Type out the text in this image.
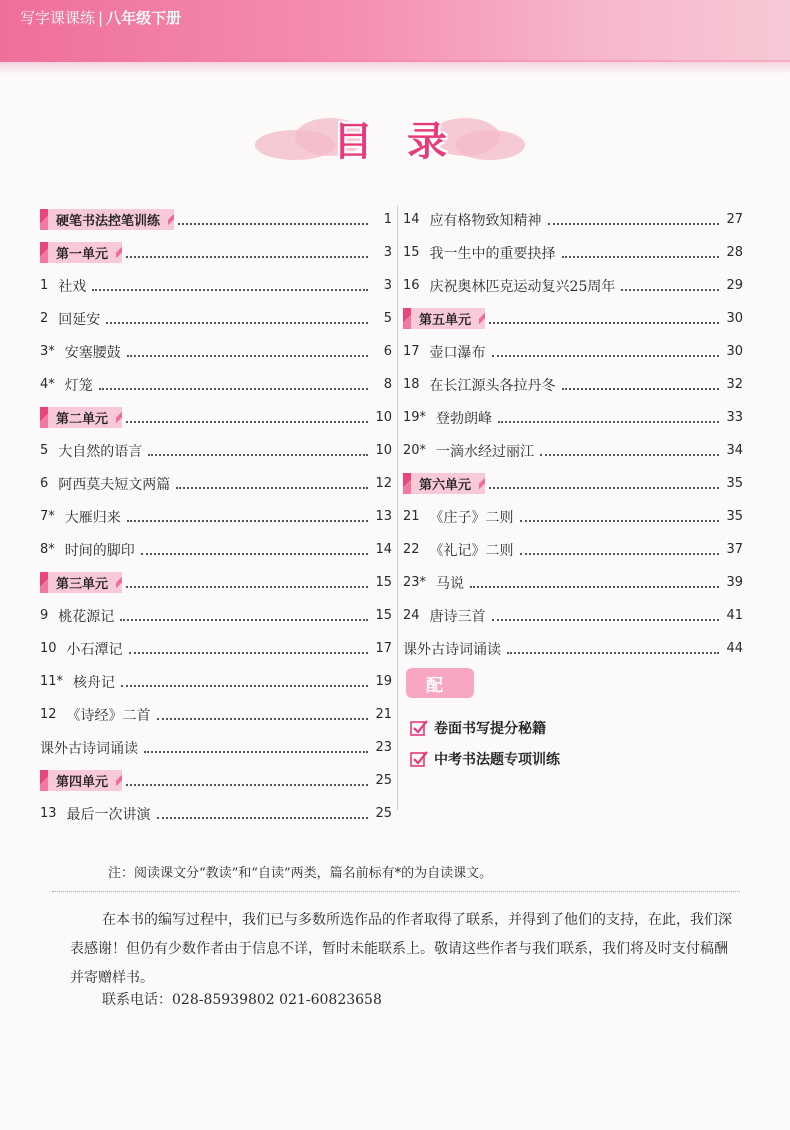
写字课课练 | 八年级下册
目录
硬笔书法控笔训练	1
第一单元	3
1 社戏	3
2 回延安	5
3* 安塞腰鼓	6
4* 灯笼	8
第二单元	10
5 大自然的语言	10
6 阿西莫夫短文两篇	12
7* 大雁归来	13
8* 时间的脚印	14
第三单元	15
9 桃花源记	15
10 小石潭记	17
11* 核舟记	19
12 《诗经》二首	21
课外古诗词诵读	23
第四单元	25
13 最后一次讲演	25
14 应有格物致知精神	27
15 我一生中的重要抉择	28
16 庆祝奥林匹克运动复兴25周年	29
第五单元	30
17 壶口瀑布	30
18 在长江源头各拉丹冬	32
19* 登勃朗峰	33
20* 一滴水经过丽江	34
第六单元	35
21 《庄子》二则	35
22 《礼记》二则	37
23* 马说	39
24 唐诗三首	41
课外古诗词诵读	44
配
卷面书写提分秘籍
中考书法题专项训练
注：阅读课文分“教读”和“自读”两类，篇名前标有*的为自读课文。
在本书的编写过程中，我们已与多数所选作品的作者取得了联系，并得到了他们的支持，在此，我们深表感谢！但仍有少数作者由于信息不详，暂时未能联系上。敬请这些作者与我们联系，我们将及时支付稿酬并寄赠样书。
联系电话：028-85939802 021-60823658
